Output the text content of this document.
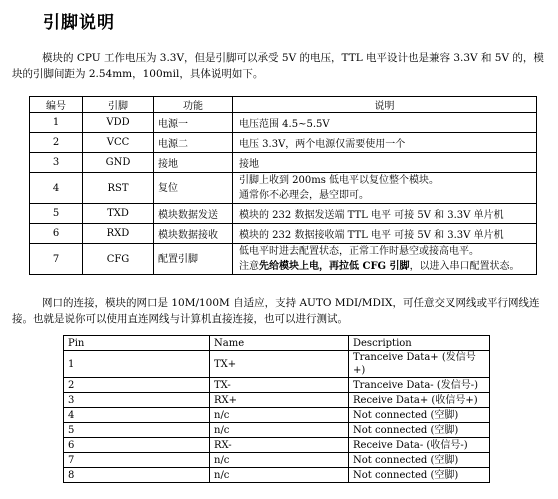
引脚说明
模块的 CPU 工作电压为 3.3V，但是引脚可以承受 5V 的电压，TTL 电平设计也是兼容 3.3V 和 5V 的，模块的引脚间距为 2.54mm，100mil，具体说明如下。
编号	引脚	功能	说明
1	VDD	电源一	电压范围 4.5~5.5V
2	VCC	电源二	电压 3.3V，两个电源仅需要使用一个
3	GND	接地	接地
4	RST	复位	引脚上收到 200ms 低电平以复位整个模块。
通常你不必理会，悬空即可。

5	TXD	模块数据发送	模块的 232 数据发送端 TTL 电平 可接 5V 和 3.3V 单片机
6	RXD	模块数据接收	模块的 232 数据接收端 TTL 电平 可接 5V 和 3.3V 单片机
7	CFG	配置引脚	低电平时进去配置状态，正常工作时悬空或接高电平。
注意先给模块上电，再拉低 CFG 引脚，以进入串口配置状态。
网口的连接，模块的网口是 10M/100M 自适应，支持 AUTO MDI/MDIX，可任意交叉网线或平行网线连接。也就是说你可以使用直连网线与计算机直接连接，也可以进行测试。
Pin	Name	Description
1	TX+	Tranceive Data+ (发信号+)
2	TX-	Tranceive Data- (发信号-)
3	RX+	Receive Data+ (收信号+)
4	n/c	Not connected (空脚)
5	n/c	Not connected (空脚)
6	RX-	Receive Data- (收信号-)
7	n/c	Not connected (空脚)
8	n/c	Not connected (空脚)
